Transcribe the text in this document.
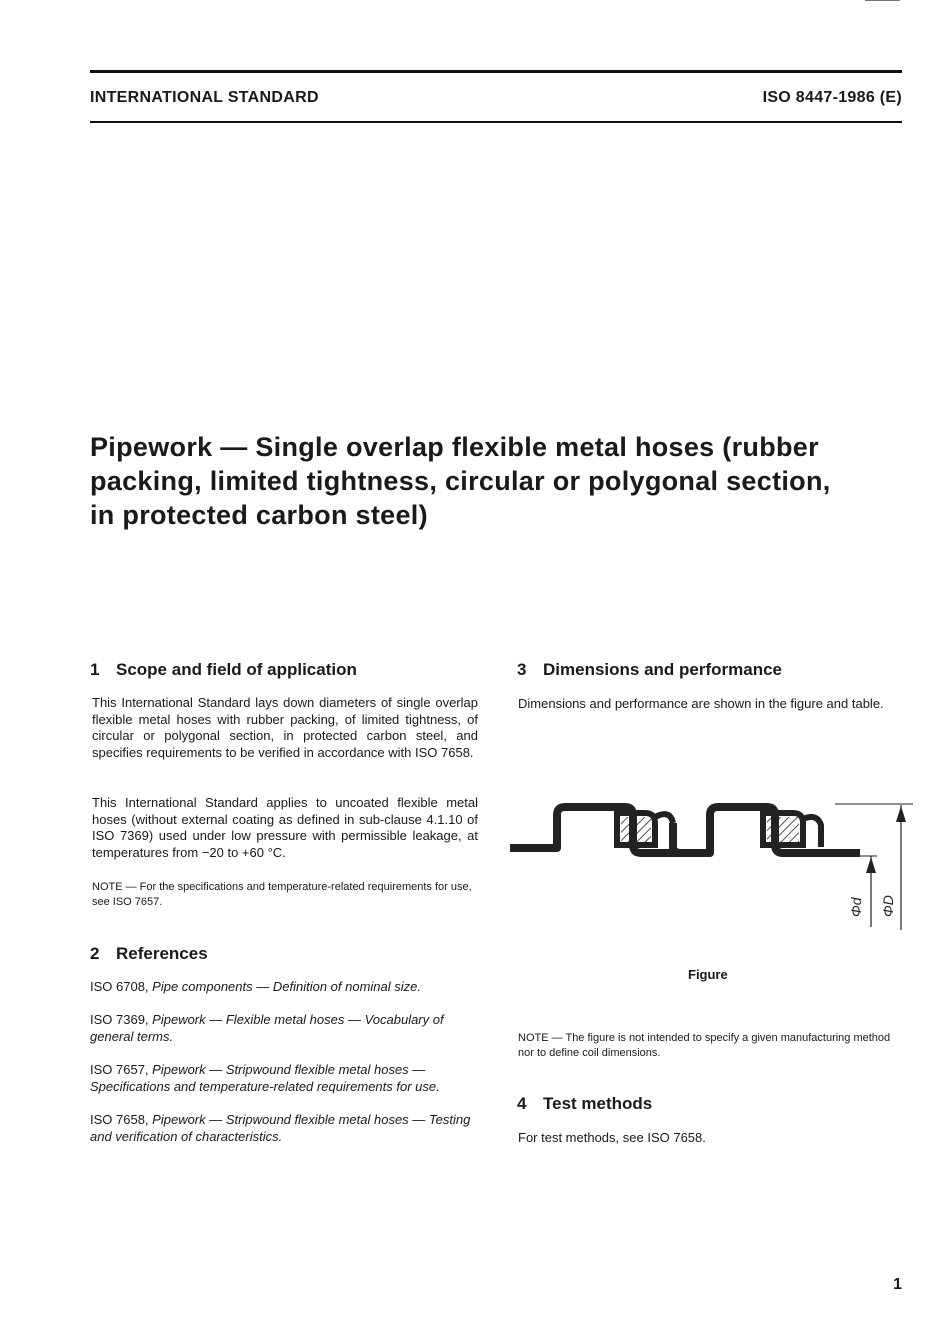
INTERNATIONAL STANDARD	ISO 8447-1986 (E)
Pipework — Single overlap flexible metal hoses (rubber
packing, limited tightness, circular or polygonal section,
in protected carbon steel)
1 Scope and field of application
This International Standard lays down diameters of single overlap flexible metal hoses with rubber packing, of limited tightness, of circular or polygonal section, in protected carbon steel, and specifies requirements to be verified in accordance with ISO 7658.
This International Standard applies to uncoated flexible metal hoses (without external coating as defined in sub-clause 4.1.10 of ISO 7369) used under low pressure with permissible leakage, at temperatures from −20 to +60 °C.
NOTE — For the specifications and temperature-related requirements for use, see ISO 7657.
2 References
ISO 6708, Pipe components — Definition of nominal size.
ISO 7369, Pipework — Flexible metal hoses — Vocabulary of general terms.
ISO 7657, Pipework — Stripwound flexible metal hoses — Specifications and temperature-related requirements for use.
ISO 7658, Pipework — Stripwound flexible metal hoses — Testing and verification of characteristics.
3 Dimensions and performance
Dimensions and performance are shown in the figure and table.
Φd ΦD
Figure
NOTE — The figure is not intended to specify a given manufacturing method nor to define coil dimensions.
4 Test methods
For test methods, see ISO 7658.
1
